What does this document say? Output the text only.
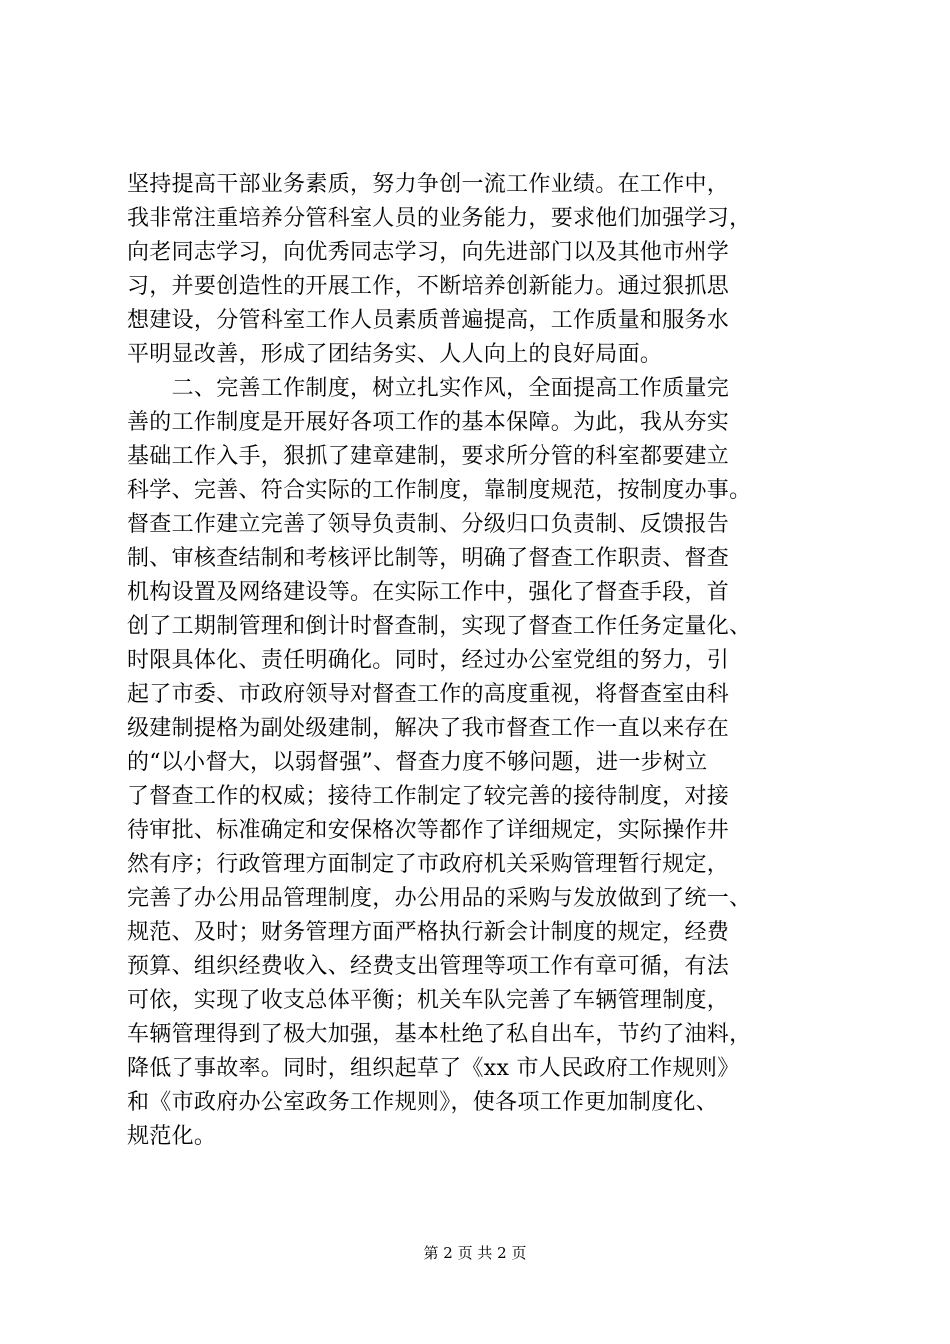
坚持提高干部业务素质，努力争创一流工作业绩。在工作中，
我非常注重培养分管科室人员的业务能力，要求他们加强学习，
向老同志学习，向优秀同志学习，向先进部门以及其他市州学
习，并要创造性的开展工作，不断培养创新能力。通过狠抓思
想建设，分管科室工作人员素质普遍提高，工作质量和服务水
平明显改善，形成了团结务实、人人向上的良好局面。
　　二、完善工作制度，树立扎实作风，全面提高工作质量完
善的工作制度是开展好各项工作的基本保障。为此，我从夯实
基础工作入手，狠抓了建章建制，要求所分管的科室都要建立
科学、完善、符合实际的工作制度，靠制度规范，按制度办事。
督查工作建立完善了领导负责制、分级归口负责制、反馈报告
制、审核查结制和考核评比制等，明确了督查工作职责、督查
机构设置及网络建设等。在实际工作中，强化了督查手段，首
创了工期制管理和倒计时督查制，实现了督查工作任务定量化、
时限具体化、责任明确化。同时，经过办公室党组的努力，引
起了市委、市政府领导对督查工作的高度重视，将督查室由科
级建制提格为副处级建制，解决了我市督查工作一直以来存在
的“以小督大，以弱督强”、督查力度不够问题，进一步树立
了督查工作的权威；接待工作制定了较完善的接待制度，对接
待审批、标准确定和安保格次等都作了详细规定，实际操作井
然有序；行政管理方面制定了市政府机关采购管理暂行规定，
完善了办公用品管理制度，办公用品的采购与发放做到了统一、
规范、及时；财务管理方面严格执行新会计制度的规定，经费
预算、组织经费收入、经费支出管理等项工作有章可循，有法
可依，实现了收支总体平衡；机关车队完善了车辆管理制度，
车辆管理得到了极大加强，基本杜绝了私自出车，节约了油料，
降低了事故率。同时，组织起草了《xx 市人民政府工作规则》
和《市政府办公室政务工作规则》，使各项工作更加制度化、
规范化。
第 2 页 共 2 页
